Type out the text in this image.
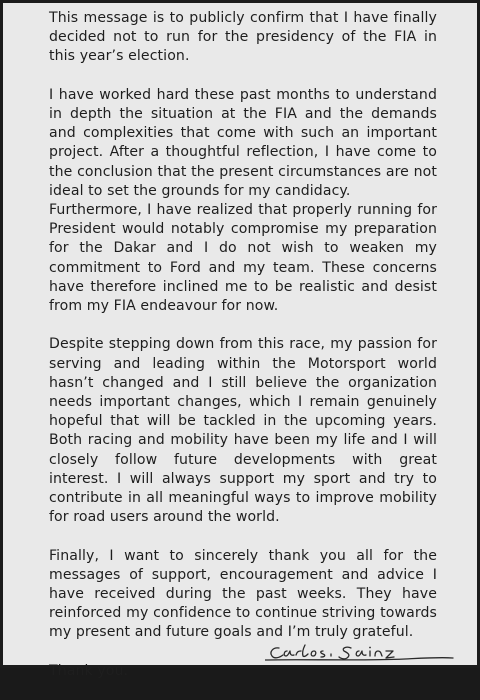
This message is to publicly confirm that I have finally decided not to run for the presidency of the FIA in this year’s election.

I have worked hard these past months to understand in depth the situation at the FIA and the demands and complexities that come with such an important project. After a thoughtful reflection, I have come to the conclusion that the present circumstances are not ideal to set the grounds for my candidacy.

Furthermore, I have realized that properly running for President would notably compromise my preparation for the Dakar and I do not wish to weaken my commitment to Ford and my team. These concerns have therefore inclined me to be realistic and desist from my FIA endeavour for now.

Despite stepping down from this race, my passion for serving and leading within the Motorsport world hasn’t changed and I still believe the organization needs important changes, which I remain genuinely hopeful that will be tackled in the upcoming years. Both racing and mobility have been my life and I will closely follow future developments with great interest. I will always support my sport and try to contribute in all meaningful ways to improve mobility for road users around the world.

Finally, I want to sincerely thank you all for the messages of support, encouragement and advice I have received during the past weeks. They have reinforced my confidence to continue striving towards my present and future goals and I’m truly grateful.

Thank you.
